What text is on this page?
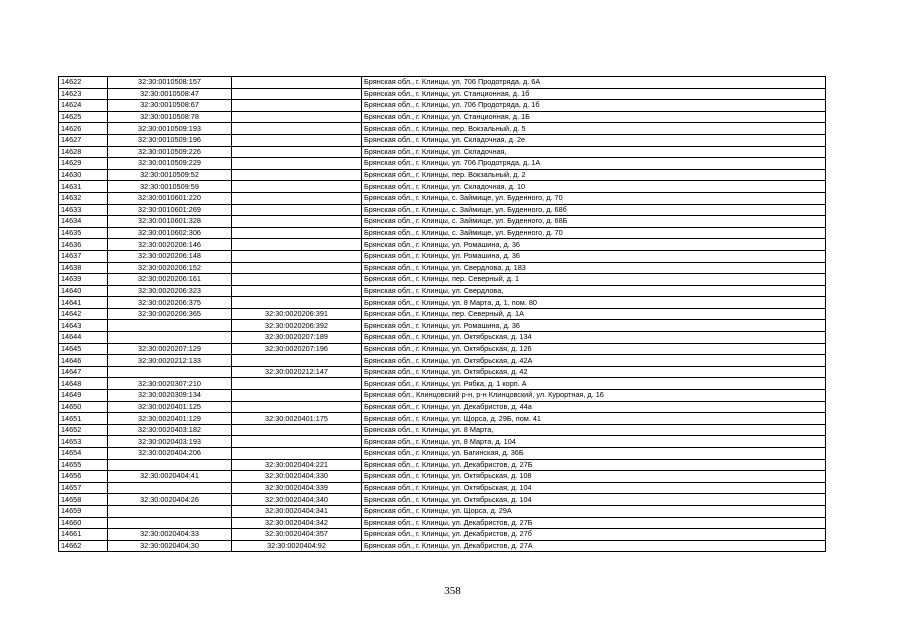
14622	32:30:0010508:157		Брянская обл., г. Клинцы, ул. 706 Продотряда, д. 6А
14623	32:30:0010508:47		Брянская обл., г. Клинцы, ул. Станционная, д. 1б
14624	32:30:0010508:67		Брянская обл., г. Клинцы, ул. 706 Продотряда, д. 1б
14625	32:30:0010508:78		Брянская обл., г. Клинцы, ул. Станционная, д. 1Б
14626	32:30:0010509:193		Брянская обл., г. Клинцы, пер. Вокзальный, д. 5
14627	32:30:0010509:196		Брянская обл., г. Клинцы, ул. Складочная, д. 2е
14628	32:30:0010509:226		Брянская обл., г. Клинцы, ул. Складочная,
14629	32:30:0010509:229		Брянская обл., г. Клинцы, ул. 706 Продотряда, д. 1А
14630	32:30:0010509:52		Брянская обл., г. Клинцы, пер. Вокзальный, д. 2
14631	32:30:0010509:59		Брянская обл., г. Клинцы, ул. Складочная, д. 10
14632	32:30:0010601:220		Брянская обл., г. Клинцы, с. Займище, ул. Буденного, д. 70
14633	32:30:0010601:269		Брянская обл., г. Клинцы, с. Займище, ул. Буденного, д. 68б
14634	32:30:0010601:328		Брянская обл., г. Клинцы, с. Займище, ул. Буденного, д. 68Б
14635	32:30:0010602:306		Брянская обл., г. Клинцы, с. Займище, ул. Буденного, д. 70
14636	32:30:0020206:146		Брянская обл., г. Клинцы, ул. Ромашина, д. 36
14637	32:30:0020206:148		Брянская обл., г. Клинцы, ул. Ромашина, д. 36
14638	32:30:0020206:152		Брянская обл., г. Клинцы, ул. Свердлова, д. 183
14639	32:30:0020206:161		Брянская обл., г. Клинцы, пер. Северный, д. 1
14640	32:30:0020206:323		Брянская обл., г. Клинцы, ул. Свердлова,
14641	32:30:0020206:375		Брянская обл., г. Клинцы, ул. 8 Марта, д. 1, пом. 80
14642	32:30:0020206:365	32:30:0020206:391	Брянская обл., г. Клинцы, пер. Северный, д. 1А
14643		32:30:0020206:392	Брянская обл., г. Клинцы, ул. Ромашина, д. 36
14644		32:30:0020207:189	Брянская обл., г. Клинцы, ул. Октябрьская, д. 134
14645	32:30:0020207:129	32:30:0020207:196	Брянская обл., г. Клинцы, ул. Октябрьская, д. 126
14646	32:30:0020212:133		Брянская обл., г. Клинцы, ул. Октябрьская, д. 42А
14647		32:30:0020212:147	Брянская обл., г. Клинцы, ул. Октябрьская, д. 42
14648	32:30:0020307:210		Брянская обл., г. Клинцы, ул. Рябка, д. 1 корп. А
14649	32:30:0020309:134		Брянская обл., Клинцовский р-н, р-н Клинцовский, ул. Курортная, д. 16
14650	32:30:0020401:125		Брянская обл., г. Клинцы, ул. Декабристов, д. 44а
14651	32:30:0020401:129	32:30:0020401:175	Брянская обл., г. Клинцы, ул. Щорса, д. 29Б, пом. 41
14652	32:30:0020403:182		Брянская обл., г. Клинцы, ул. 8 Марта,
14653	32:30:0020403:193		Брянская обл., г. Клинцы, ул. 8 Марта, д. 104
14654	32:30:0020404:206		Брянская обл., г. Клинцы, ул. Багинская, д. 36Б
14655		32:30:0020404:221	Брянская обл., г. Клинцы, ул. Декабристов, д. 27Б
14656	32:30:0020404:41	32:30:0020404:330	Брянская обл., г. Клинцы, ул. Октябрьская, д. 108
14657		32:30:0020404:339	Брянская обл., г. Клинцы, ул. Октябрьская, д. 104
14658	32:30:0020404:26	32:30:0020404:340	Брянская обл., г. Клинцы, ул. Октябрьская, д. 104
14659		32:30:0020404:341	Брянская обл., г. Клинцы, ул. Щорса, д. 29А
14660		32:30:0020404:342	Брянская обл., г. Клинцы, ул. Декабристов, д. 27Б
14661	32:30:0020404:33	32:30:0020404:357	Брянская обл., г. Клинцы, ул. Декабристов, д. 27б
14662	32:30:0020404:30	32:30:0020404:92	Брянская обл., г. Клинцы, ул. Декабристов, д. 27А
358
